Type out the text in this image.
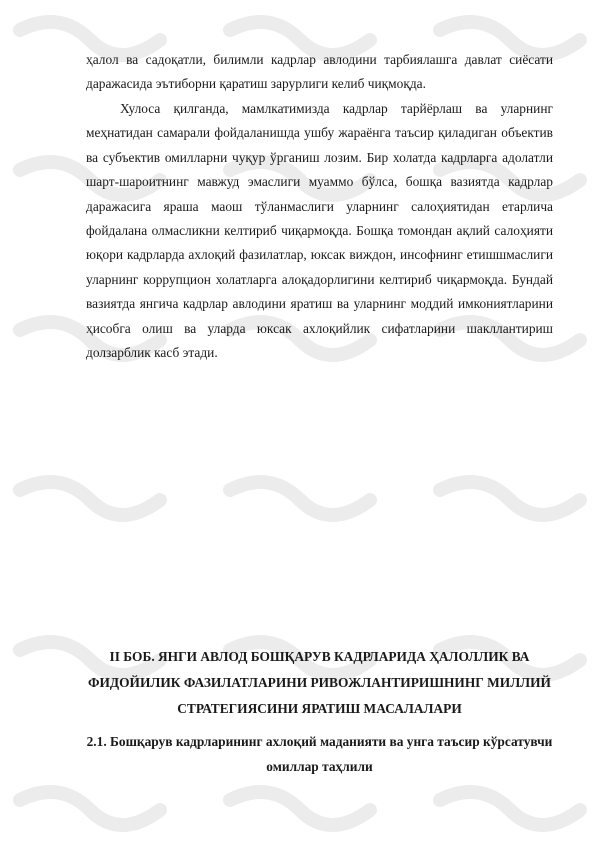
ҳалол ва садоқатли, билимли кадрлар авлодини тарбиялашга давлат сиёсати даражасида эътиборни қаратиш зарурлиги келиб чиқмоқда.

Хулоса қилганда, мамлкатимизда кадрлар тарйёрлаш ва уларнинг меҳнатидан самарали фойдаланишда ушбу жараёнга таъсир қиладиган объектив ва субъектив омилларни чуқур ўрганиш лозим. Бир холатда кадрларга адолатли шарт-шароитнинг мавжуд эмаслиги муаммо бўлса, бошқа вазиятда кадрлар даражасига яраша маош тўланмаслиги уларнинг салоҳиятидан етарлича фойдалана олмасликни келтириб чиқармоқда. Бошқа томондан ақлий салоҳияти юқори кадрларда ахлоқий фазилатлар, юксак виждон, инсофнинг етишшмаслиги уларнинг коррупцион холатларга алоқадорлигини келтириб чиқармоқда. Бундай вазиятда янгича кадрлар авлодини яратиш ва уларнинг моддий имкониятларини ҳисобга олиш ва уларда юксак ахлоқийлик сифатларини шакллантириш долзарблик касб этади.

II БОБ. ЯНГИ АВЛОД БОШҚАРУВ КАДРЛАРИДА ҲАЛОЛЛИК ВА ФИДОЙИЛИК ФАЗИЛАТЛАРИНИ РИВОЖЛАНТИРИШНИНГ МИЛЛИЙ СТРАТЕГИЯСИНИ ЯРАТИШ МАСАЛАЛАРИ
2.1. Бошқарув кадрларининг ахлоқий маданияти ва унга таъсир кўрсатувчи омиллар таҳлили
